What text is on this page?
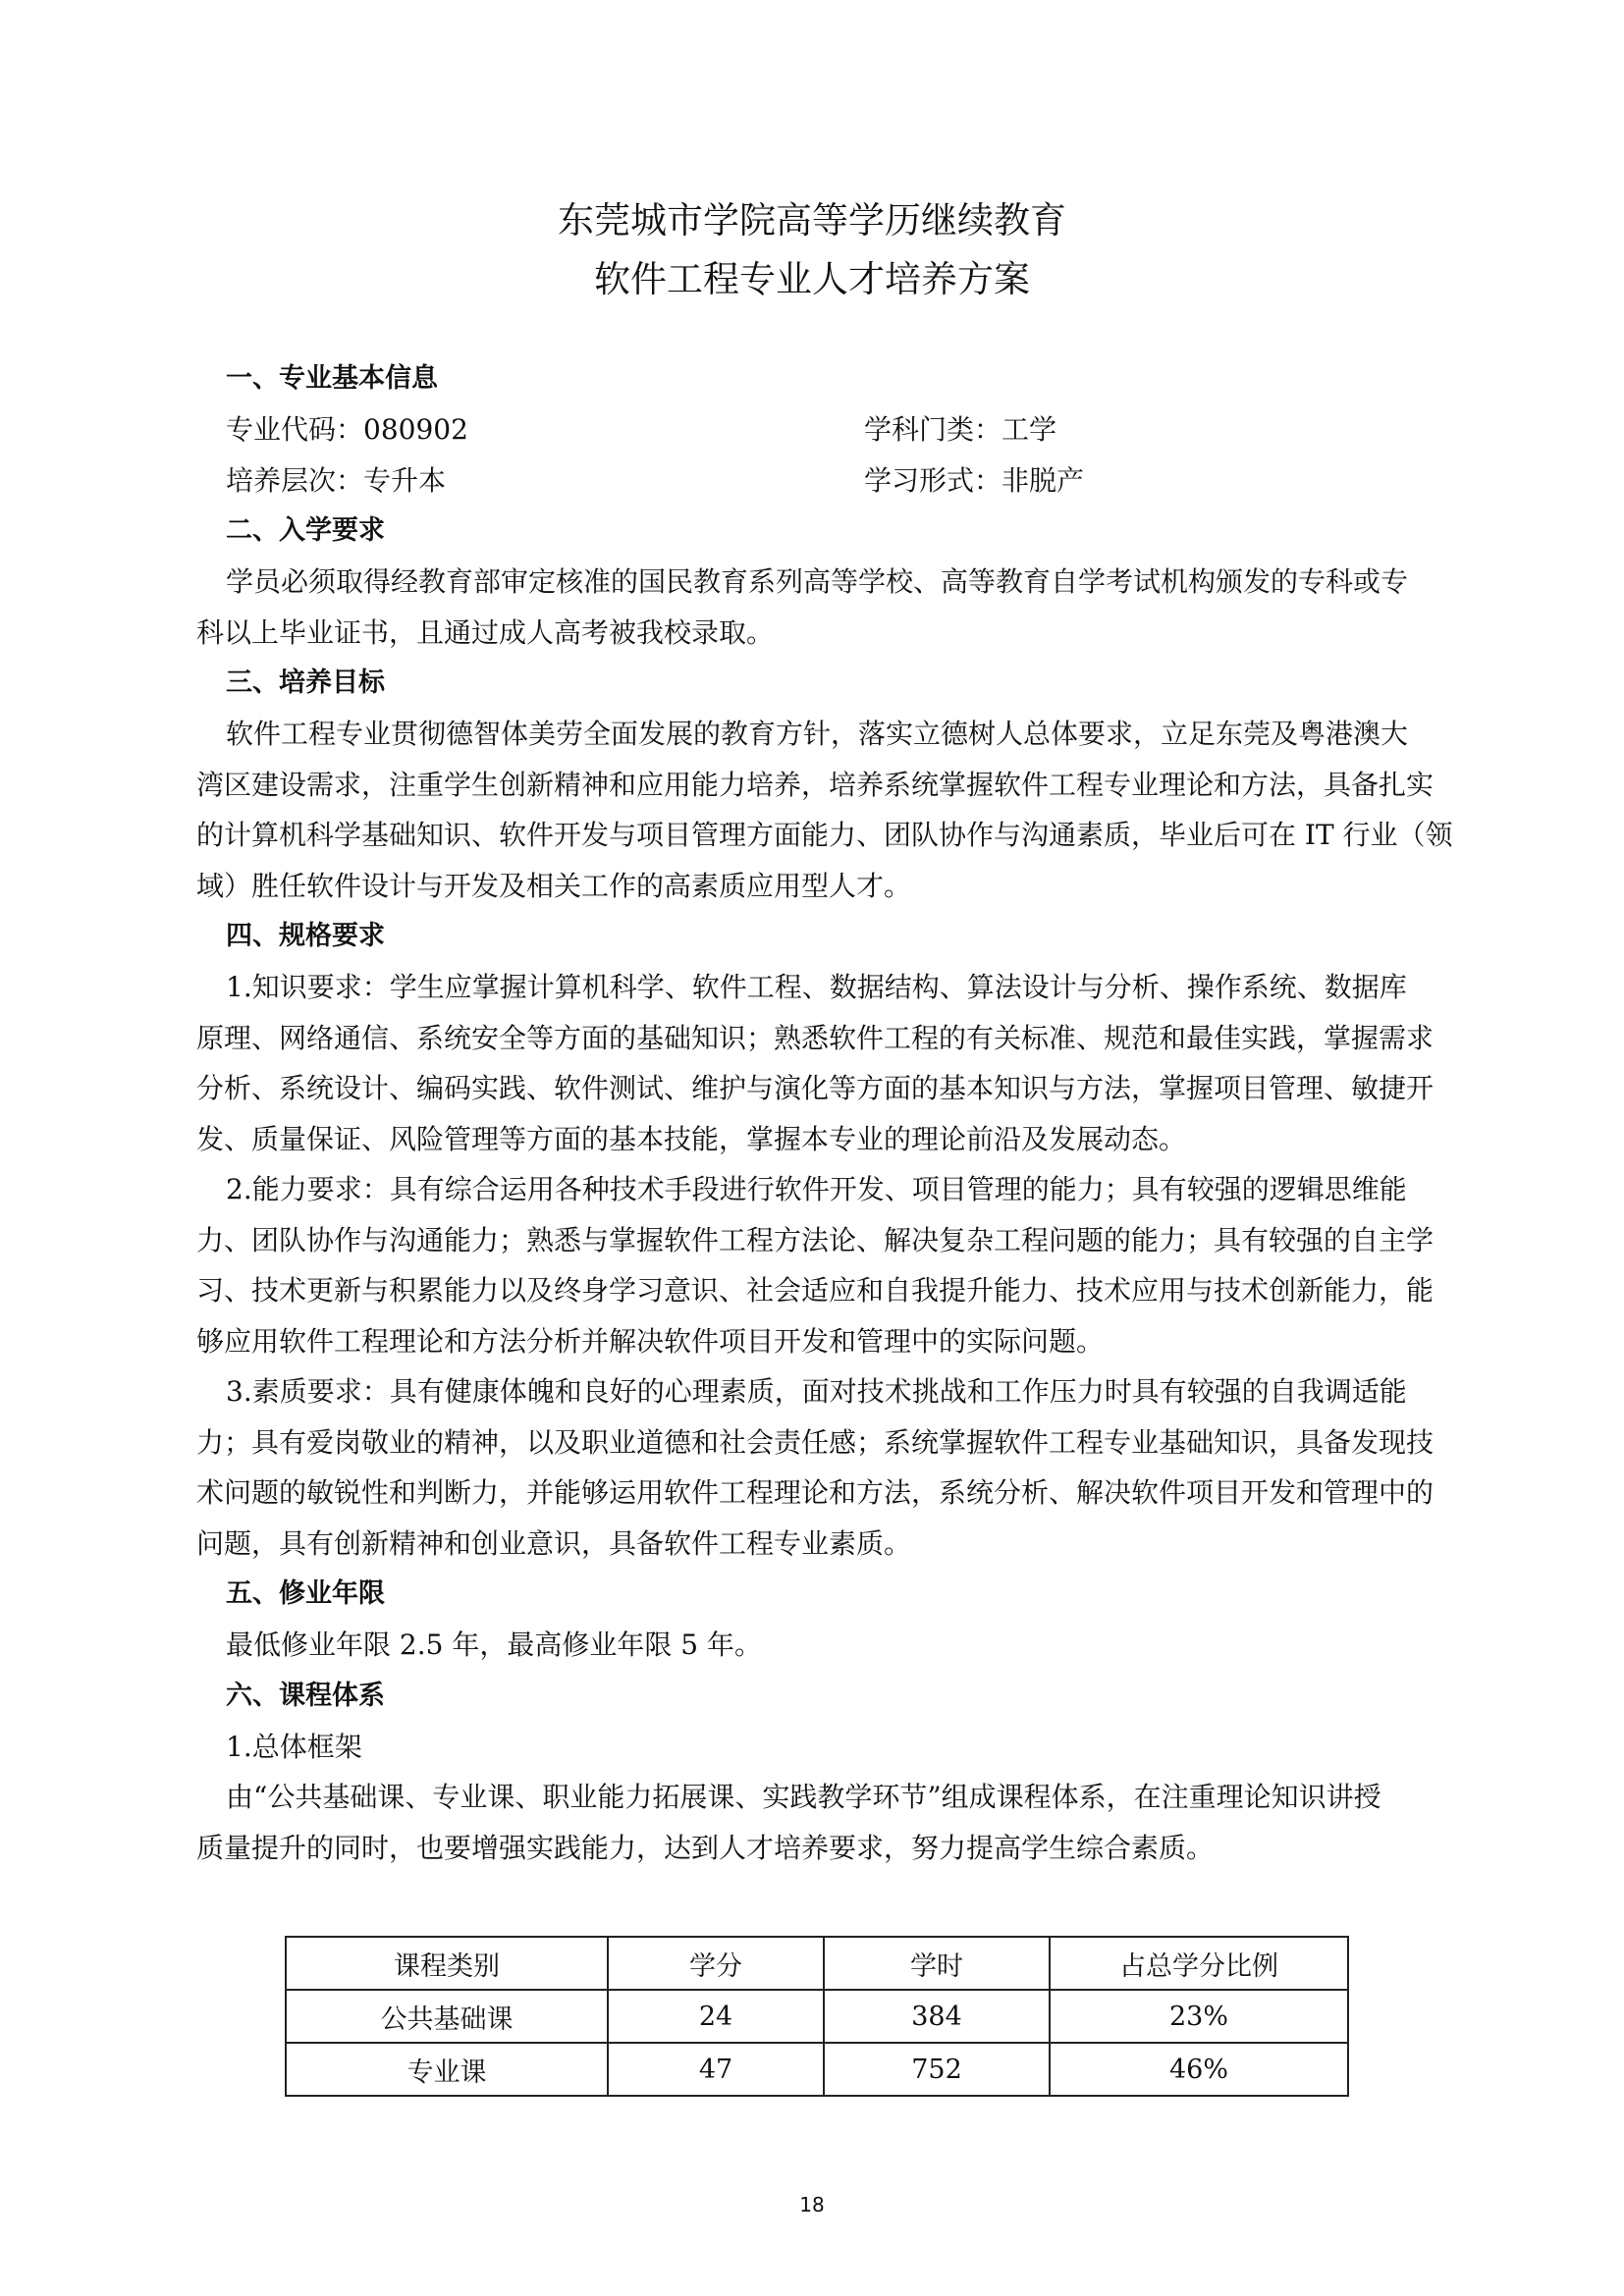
东莞城市学院高等学历继续教育
软件工程专业人才培养方案
一、专业基本信息
专业代码：080902	学科门类：工学
培养层次：专升本	学习形式：非脱产
二、入学要求
学员必须取得经教育部审定核准的国民教育系列高等学校、高等教育自学考试机构颁发的专科或专
科以上毕业证书，且通过成人高考被我校录取。
三、培养目标
软件工程专业贯彻德智体美劳全面发展的教育方针，落实立德树人总体要求，立足东莞及粤港澳大
湾区建设需求，注重学生创新精神和应用能力培养，培养系统掌握软件工程专业理论和方法，具备扎实
的计算机科学基础知识、软件开发与项目管理方面能力、团队协作与沟通素质，毕业后可在 IT 行业（领
域）胜任软件设计与开发及相关工作的高素质应用型人才。
四、规格要求
1.知识要求：学生应掌握计算机科学、软件工程、数据结构、算法设计与分析、操作系统、数据库
原理、网络通信、系统安全等方面的基础知识；熟悉软件工程的有关标准、规范和最佳实践，掌握需求
分析、系统设计、编码实践、软件测试、维护与演化等方面的基本知识与方法，掌握项目管理、敏捷开
发、质量保证、风险管理等方面的基本技能，掌握本专业的理论前沿及发展动态。
2.能力要求：具有综合运用各种技术手段进行软件开发、项目管理的能力；具有较强的逻辑思维能
力、团队协作与沟通能力；熟悉与掌握软件工程方法论、解决复杂工程问题的能力；具有较强的自主学
习、技术更新与积累能力以及终身学习意识、社会适应和自我提升能力、技术应用与技术创新能力，能
够应用软件工程理论和方法分析并解决软件项目开发和管理中的实际问题。
3.素质要求：具有健康体魄和良好的心理素质，面对技术挑战和工作压力时具有较强的自我调适能
力；具有爱岗敬业的精神，以及职业道德和社会责任感；系统掌握软件工程专业基础知识，具备发现技
术问题的敏锐性和判断力，并能够运用软件工程理论和方法，系统分析、解决软件项目开发和管理中的
问题，具有创新精神和创业意识，具备软件工程专业素质。
五、修业年限
最低修业年限 2.5 年，最高修业年限 5 年。
六、课程体系
1.总体框架
由“公共基础课、专业课、职业能力拓展课、实践教学环节”组成课程体系，在注重理论知识讲授
质量提升的同时，也要增强实践能力，达到人才培养要求，努力提高学生综合素质。
课程类别	学分	学时	占总学分比例
公共基础课	24	384	23%
专业课	47	752	46%
18
